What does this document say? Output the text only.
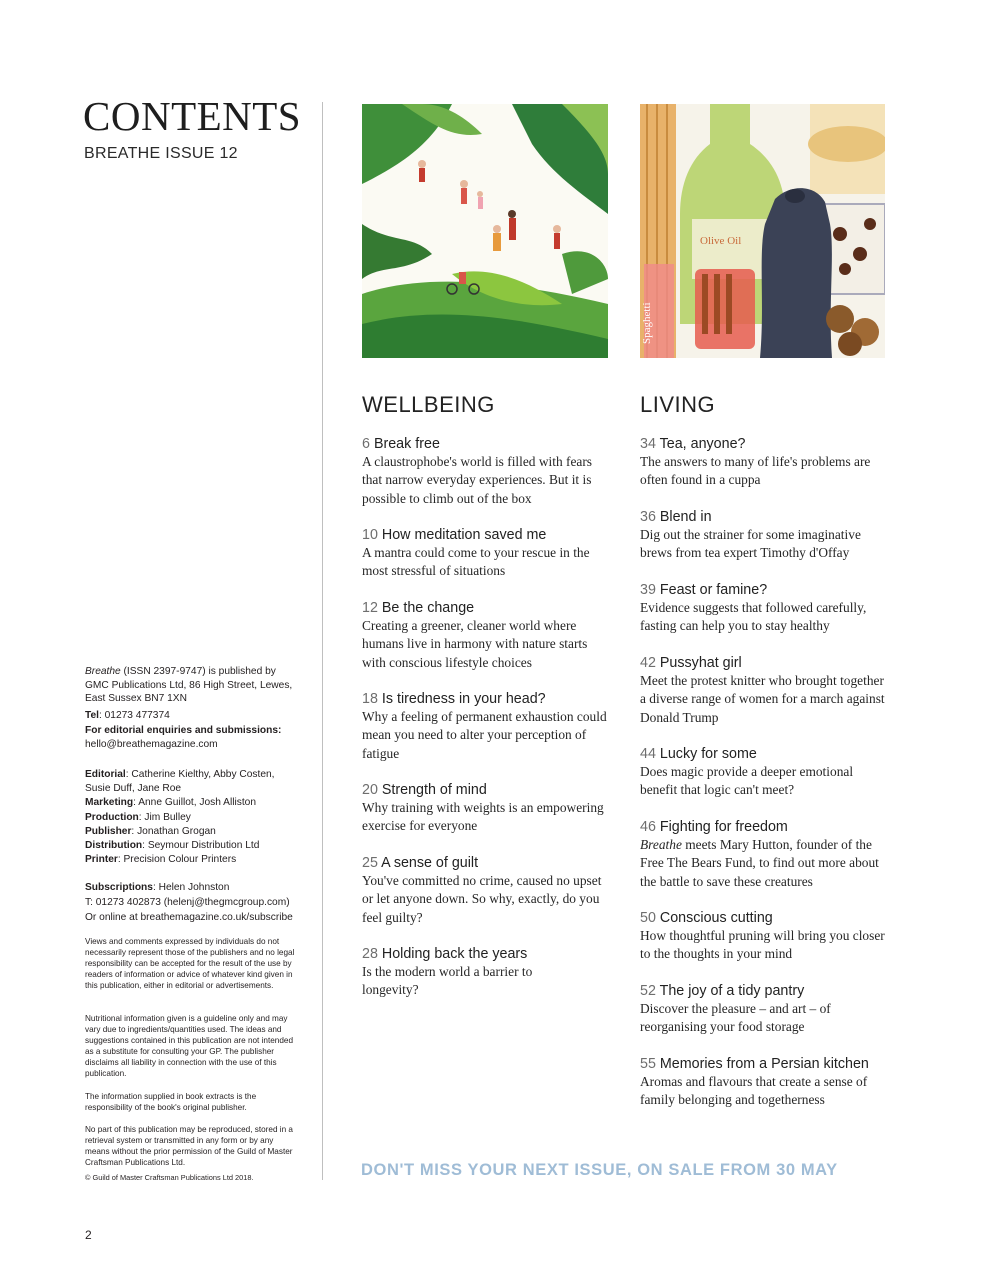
CONTENTS
BREATHE ISSUE 12

Breathe (ISSN 2397-9747) is published by GMC Publications Ltd, 86 High Street, Lewes, East Sussex BN7 1XN

Tel: 01273 477374

For editorial enquiries and submissions:

hello@breathemagazine.com

Editorial: Catherine Kielthy, Abby Costen, Susie Duff, Jane Roe

Marketing: Anne Guillot, Josh Alliston

Production: Jim Bulley

Publisher: Jonathan Grogan

Distribution: Seymour Distribution Ltd

Printer: Precision Colour Printers

Subscriptions: Helen Johnston

T: 01273 402873 (helenj@thegmcgroup.com)

Or online at breathemagazine.co.uk/subscribe

Views and comments expressed by individuals do not necessarily represent those of the publishers and no legal responsibility can be accepted for the result of the use by readers of information or advice of whatever kind given in this publication, either in editorial or advertisements.
Nutritional information given is a guideline only and may vary due to ingredients/quantities used. The ideas and suggestions contained in this publication are not intended as a substitute for consulting your GP. The publisher disclaims all liability in connection with the use of this publication.
The information supplied in book extracts is the responsibility of the book's original publisher.
No part of this publication may be reproduced, stored in a retrieval system or transmitted in any form or by any means without the prior permission of the Guild of Master Craftsman Publications Ltd.
© Guild of Master Craftsman Publications Ltd 2018.
Spaghetti
Olive Oil
WELLBEING
6 Break free
A claustrophobe's world is filled with fears that narrow everyday experiences. But it is possible to climb out of the box
10 How meditation saved me
A mantra could come to your rescue in the most stressful of situations
12 Be the change
Creating a greener, cleaner world where humans live in harmony with nature starts with conscious lifestyle choices
18 Is tiredness in your head?
Why a feeling of permanent exhaustion could mean you need to alter your perception of fatigue
20 Strength of mind
Why training with weights is an empowering exercise for everyone
25 A sense of guilt
You've committed no crime, caused no upset or let anyone down. So why, exactly, do you feel guilty?
28 Holding back the years
Is the modern world a barrier to longevity?
LIVING
34 Tea, anyone?
The answers to many of life's problems are often found in a cuppa
36 Blend in
Dig out the strainer for some imaginative brews from tea expert Timothy d'Offay
39 Feast or famine?
Evidence suggests that followed carefully, fasting can help you to stay healthy
42 Pussyhat girl
Meet the protest knitter who brought together a diverse range of women for a march against Donald Trump
44 Lucky for some
Does magic provide a deeper emotional benefit that logic can't meet?
46 Fighting for freedom
Breathe meets Mary Hutton, founder of the Free The Bears Fund, to find out more about the battle to save these creatures
50 Conscious cutting
How thoughtful pruning will bring you closer to the thoughts in your mind
52 The joy of a tidy pantry
Discover the pleasure – and art – of reorganising your food storage
55 Memories from a Persian kitchen
Aromas and flavours that create a sense of family belonging and togetherness
DON'T MISS YOUR NEXT ISSUE, ON SALE FROM 30 MAY
2
